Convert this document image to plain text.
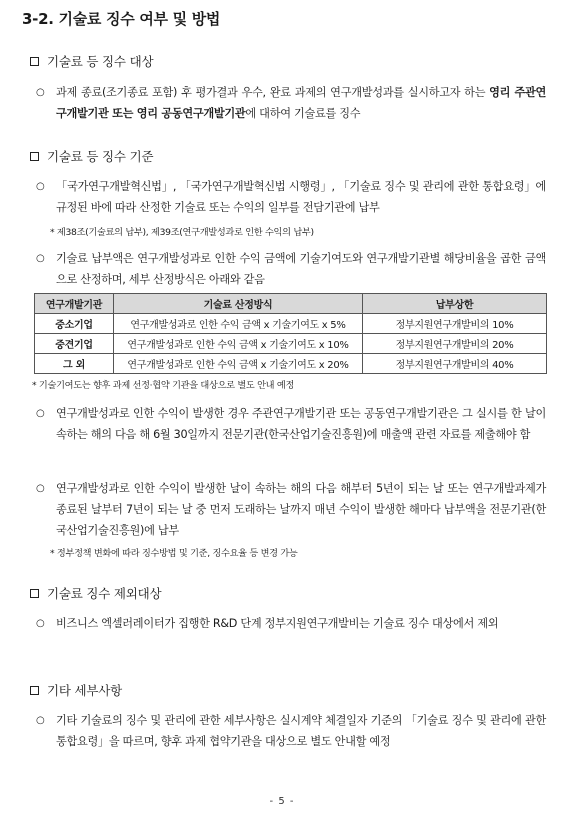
3-2. 기술료 징수 여부 및 방법
기술료 등 징수 대상
○ 과제 종료(조기종료 포함) 후 평가결과 우수, 완료 과제의 연구개발성과를 실시하고자 하는 영리 주관연구개발기관 또는 영리 공동연구개발기관에 대하여 기술료를 징수
기술료 등 징수 기준
○ 「국가연구개발혁신법」, 「국가연구개발혁신법 시행령」, 「기술료 징수 및 관리에 관한 통합요령」에 규정된 바에 따라 산정한 기술료 또는 수익의 일부를 전담기관에 납부
* 제38조(기술료의 납부), 제39조(연구개발성과로 인한 수익의 납부)
○ 기술료 납부액은 연구개발성과로 인한 수익 금액에 기술기여도와 연구개발기관별 해당비율을 곱한 금액으로 산정하며, 세부 산정방식은 아래와 같음
연구개발기관	기술료 산정방식	납부상한
중소기업	연구개발성과로 인한 수익 금액 x 기술기여도 x 5%	정부지원연구개발비의 10%
중견기업	연구개발성과로 인한 수익 금액 x 기술기여도 x 10%	정부지원연구개발비의 20%
그 외	연구개발성과로 인한 수익 금액 x 기술기여도 x 20%	정부지원연구개발비의 40%
* 기술기여도는 향후 과제 선정·협약 기관을 대상으로 별도 안내 예정
○ 연구개발성과로 인한 수익이 발생한 경우 주관연구개발기관 또는 공동연구개발기관은 그 실시를 한 날이 속하는 해의 다음 해 6월 30일까지 전문기관(한국산업기술진흥원)에 매출액 관련 자료를 제출해야 함
○ 연구개발성과로 인한 수익이 발생한 날이 속하는 해의 다음 해부터 5년이 되는 날 또는 연구개발과제가 종료된 날부터 7년이 되는 날 중 먼저 도래하는 날까지 매년 수익이 발생한 해마다 납부액을 전문기관(한국산업기술진흥원)에 납부
* 정부정책 변화에 따라 징수방법 및 기준, 징수요율 등 변경 가능
기술료 징수 제외대상
○ 비즈니스 엑셀러레이터가 집행한 R&D 단계 정부지원연구개발비는 기술료 징수 대상에서 제외
기타 세부사항
○ 기타 기술료의 징수 및 관리에 관한 세부사항은 실시계약 체결일자 기준의 「기술료 징수 및 관리에 관한 통합요령」을 따르며, 향후 과제 협약기관을 대상으로 별도 안내할 예정
- 5 -
